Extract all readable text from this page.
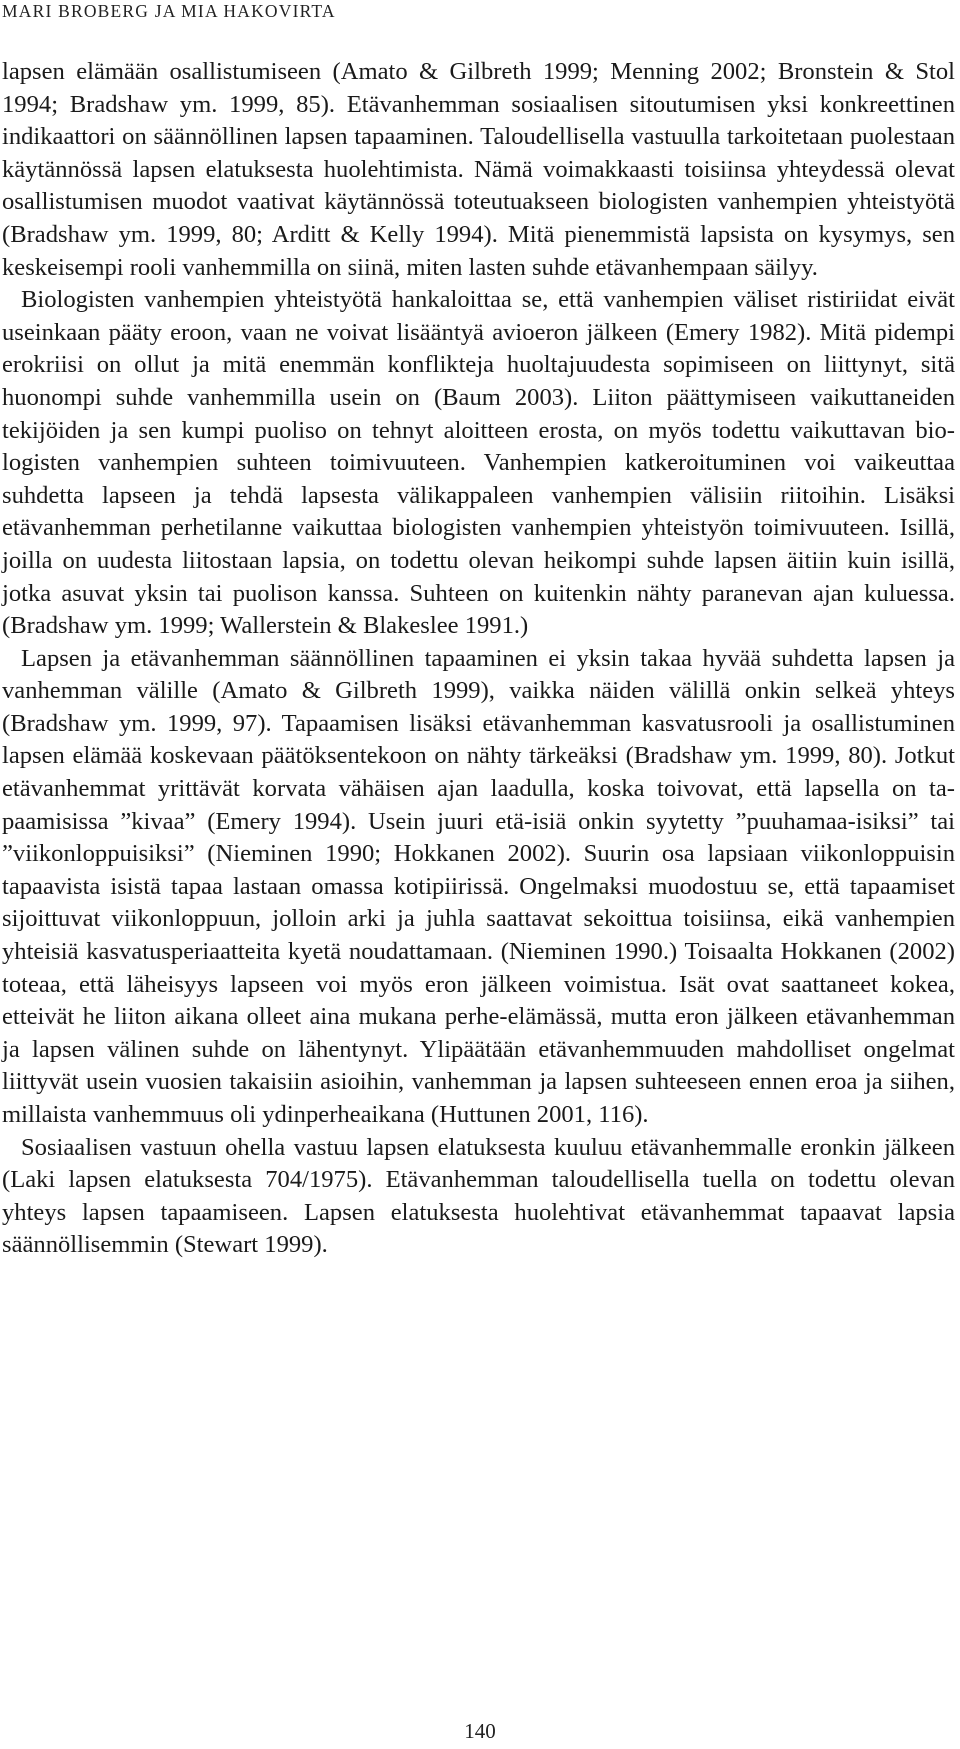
MARI BROBERG JA MIA HAKOVIRTA

lapsen elämään osallistumiseen (Amato & Gilbreth 1999; Menning 2002; Bronstein & Stol 1994; Bradshaw ym. 1999, 85). Etävanhemman sosiaalisen sitoutumisen yksi konkreettinen indikaattori on säännöllinen lapsen tapaaminen. Taloudellisella vastuulla tarkoitetaan puolestaan käytännössä lapsen elatuksesta huolehtimista. Nämä voimakkaasti toisiinsa yhteydessä olevat osallistumisen muodot vaativat käytännössä toteutuakseen biologisten vanhempien yhteistyötä (Bradshaw ym. 1999, 80; Arditt & Kelly 1994). Mitä pienemmistä lapsista on kysymys, sen keskeisempi rooli vanhemmilla on siinä, miten lasten suhde etävanhempaan säilyy.

Biologisten vanhempien yhteistyötä hankaloittaa se, että vanhempien väliset ristiriidat eivät useinkaan pääty eroon, vaan ne voivat lisääntyä avioeron jälkeen (Emery 1982). Mitä pidempi erokriisi on ollut ja mitä enemmän konflikteja huoltajuudesta sopimiseen on liittynyt, sitä huonompi suhde vanhemmilla usein on (Baum 2003). Liiton päättymiseen vaikuttaneiden tekijöiden ja sen kumpi puoliso on tehnyt aloitteen erosta, on myös todettu vaikuttavan biologisten vanhempien suhteen toimivuuteen. Vanhempien katkeroituminen voi vaikeuttaa suhdetta lapseen ja tehdä lapsesta välikappaleen vanhempien välisiin riitoihin. Lisäksi etävanhemman perhetilanne vaikuttaa biologisten vanhempien yhteistyön toimivuuteen. Isillä, joilla on uudesta liitostaan lapsia, on todettu olevan heikompi suhde lapsen äitiin kuin isillä, jotka asuvat yksin tai puolison kanssa. Suhteen on kuitenkin nähty paranevan ajan kuluessa. (Bradshaw ym. 1999; Wallerstein & Blakeslee 1991.)

Lapsen ja etävanhemman säännöllinen tapaaminen ei yksin takaa hyvää suhdetta lapsen ja vanhemman välille (Amato & Gilbreth 1999), vaikka näiden välillä onkin selkeä yhteys (Bradshaw ym. 1999, 97). Tapaamisen lisäksi etävanhemman kasvatusrooli ja osallistuminen lapsen elämää koskevaan päätöksentekoon on nähty tärkeäksi (Bradshaw ym. 1999, 80). Jotkut etävanhemmat yrittävät korvata vähäisen ajan laadulla, koska toivovat, että lapsella on tapaamisissa ”kivaa” (Emery 1994). Usein juuri etä-isiä onkin syytetty ”puuhamaa-isiksi” tai ”viikonloppuisiksi” (Nieminen 1990; Hokkanen 2002). Suurin osa lapsiaan viikonloppuisin tapaavista isistä tapaa lastaan omassa kotipiirissä. Ongelmaksi muodostuu se, että tapaamiset sijoittuvat viikonloppuun, jolloin arki ja juhla saattavat sekoittua toisiinsa, eikä vanhempien yhteisiä kasvatusperiaatteita kyetä noudattamaan. (Nieminen 1990.) Toisaalta Hokkanen (2002) toteaa, että läheisyys lapseen voi myös eron jälkeen voimistua. Isät ovat saattaneet kokea, etteivät he liiton aikana olleet aina mukana perhe-elämässä, mutta eron jälkeen etävanhemman ja lapsen välinen suhde on lähentynyt. Ylipäätään etävanhemmuuden mahdolliset ongelmat liittyvät usein vuosien takaisiin asioihin, vanhemman ja lapsen suhteeseen ennen eroa ja siihen, millaista vanhemmuus oli ydinperheaikana (Huttunen 2001, 116).

Sosiaalisen vastuun ohella vastuu lapsen elatuksesta kuuluu etävanhemmalle eronkin jälkeen (Laki lapsen elatuksesta 704/1975). Etävanhemman taloudellisella tuella on todettu olevan yhteys lapsen tapaamiseen. Lapsen elatuksesta huolehtivat etävanhemmat tapaavat lapsia säännöllisemmin (Stewart 1999).

140
